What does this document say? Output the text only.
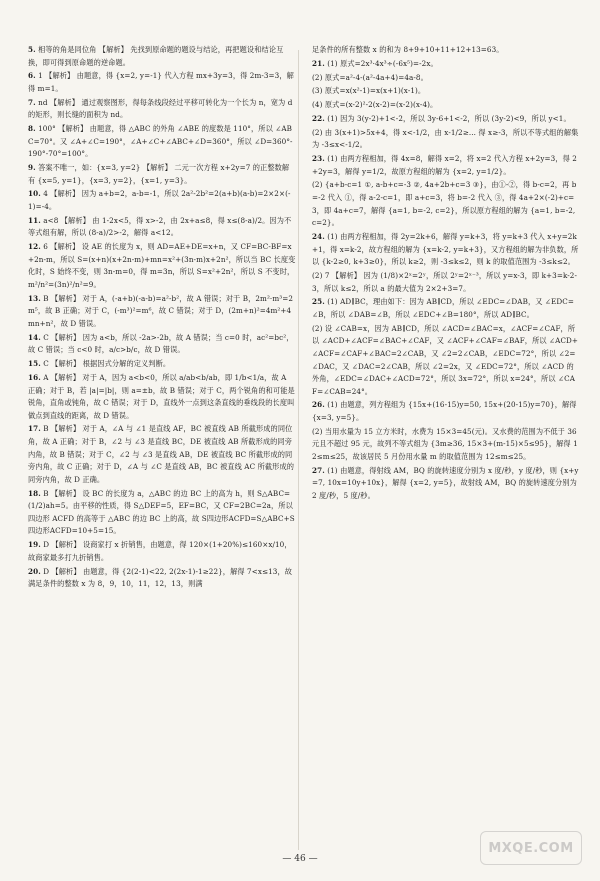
5. 相等的角是同位角 【解析】 先找到原命题的题设与结论，再把题设和结论互换，即可得到原命题的逆命题。

6. 1 【解析】 由题意，得 {x=2, y=-1} 代入方程 mx+3y=3，得 2m-3=3，解得 m=1。

7. nd 【解析】 通过观察图形，得每条线段经过平移可转化为一个长为 n，宽为 d 的矩形，则长缝的面积为 nd。

8. 100° 【解析】 由题意，得 △ABC 的外角 ∠ABE 的度数是 110°，所以 ∠ABC=70°。又 ∠A+∠C=190°，∠A+∠C+∠ABC+∠D=360°，所以 ∠D=360°-190°-70°=100°。

9. 答案不唯一，如：{x=3, y=2} 【解析】 二元一次方程 x+2y=7 的正整数解有 {x=5, y=1}，{x=3, y=2}，{x=1, y=3}。

10. 4 【解析】 因为 a+b=2，a-b=-1，所以 2a²-2b²=2(a+b)(a-b)=2×2×(-1)=-4。

11. a<8 【解析】 由 1-2x<5，得 x>-2，由 2x+a≤8，得 x≤(8-a)/2。因为不等式组有解，所以 (8-a)/2>-2，解得 a<12。

12. 6 【解析】 设 AE 的长度为 x，则 AD=AE+DE=x+n，又 CF=BC-BF=x+2n-m，所以 S=(x+n)(x+2n-m)+mn=x²+(3n-m)x+2n²，所以当 BC 长度变化时，S 始终不变，则 3n-m=0，得 m=3n，所以 S=x²+2n²，所以 S 不变时，m²/n²=(3n)²/n²=9。

13. B 【解析】 对于 A，(-a+b)(-a-b)=a²-b²，故 A 错误；对于 B，2m²·m³=2m⁵，故 B 正确；对于 C，(-m³)²=m⁶，故 C 错误；对于 D，(2m+n)²=4m²+4mn+n²，故 D 错误。

14. C 【解析】 因为 a<b，所以 -2a>-2b，故 A 错误；当 c=0 时，ac²=bc²，故 C 错误；当 c<0 时，a/c>b/c，故 D 错误。

15. C 【解析】 根据因式分解的定义判断。

16. A 【解析】 对于 A，因为 a<b<0，所以 a/ab<b/ab，即 1/b<1/a，故 A 正确；对于 B，若 |a|=|b|，则 a=±b，故 B 错误；对于 C，两个锐角的和可能是锐角，直角或钝角，故 C 错误；对于 D，直线外一点到这条直线的垂线段的长度叫做点到直线的距离，故 D 错误。

17. B 【解析】 对于 A，∠A 与 ∠1 是直线 AF，BC 被直线 AB 所截形成的同位角，故 A 正确；对于 B，∠2 与 ∠3 是直线 BC，DE 被直线 AB 所截形成的同旁内角，故 B 错误；对于 C，∠2 与 ∠3 是直线 AB，DE 被直线 BC 所截形成的同旁内角，故 C 正确；对于 D，∠A 与 ∠C 是直线 AB，BC 被直线 AC 所截形成的同旁内角，故 D 正确。

18. B 【解析】 设 BC 的长度为 a，△ABC 的边 BC 上的高为 h，则 S△ABC=(1/2)ah=5。由平移的性质，得 S△DEF=5，EF=BC，又 CF=2BC=2a，所以四边形 ACFD 的高等于 △ABC 的边 BC 上的高，故 S四边形ACFD=S△ABC+S四边形ACFD=10+5=15。

19. D 【解析】 设商家打 x 折销售，由题意，得 120×(1+20%)≤160×x/10，故商家最多打九折销售。

20. D 【解析】 由题意，得 {2(2-1)<22, 2(2x-1)-1≥22}，解得 7<x≤13，故满足条件的整数 x 为 8，9，10，11，12，13，则满

足条件的所有整数 x 的和为 8+9+10+11+12+13=63。

21. (1) 原式=2x³·4x³÷(-6x⁵)=-2x。

(2) 原式=a²-4-(a²-4a+4)=4a-8。

(3) 原式=x(x²-1)=x(x+1)(x-1)。

(4) 原式=(x-2)²-2(x-2)=(x-2)(x-4)。

22. (1) 因为 3(y-2)+1<-2，所以 3y-6+1<-2，所以 (3y-2)<9，所以 y<1。

(2) 由 3(x+1)>5x+4，得 x<-1/2，由 x-1/2≥... 得 x≥-3，所以不等式组的解集为 -3≤x<-1/2。

23. (1) 由两方程相加，得 4x=8，解得 x=2，将 x=2 代入方程 x+2y=3，得 2+2y=3，解得 y=1/2，故原方程组的解为 {x=2, y=1/2}。

(2) {a+b-c=1 ①, a-b+c=-3 ②, 4a+2b+c=3 ③}，由①-②，得 b-c=2，再 b=-2 代入 ①，得 a-2-c=1，即 a+c=3，将 b=-2 代入 ③，得 4a+2×(-2)+c=3，即 4a+c=7，解得 {a=1, b=-2, c=2}，所以原方程组的解为 {a=1, b=-2, c=2}。

24. (1) 由两方程相加，得 2y=2k+6，解得 y=k+3，将 y=k+3 代入 x+y=2k+1，得 x=k-2，故方程组的解为 {x=k-2, y=k+3}，又方程组的解为非负数，所以 {k-2≥0, k+3≥0}，所以 k≥2，则 -3≤k≤2，则 k 的取值范围为 -3≤k≤2。

(2) 7 【解析】 因为 (1/8)×2ˣ=2ʸ，所以 2ʸ=2ˣ⁻³，所以 y=x-3，即 k+3=k-2-3，所以 k≤2，所以 a 的最大值为 2×2+3=7。

25. (1) AD∥BC，理由如下：因为 AB∥CD，所以 ∠EDC=∠DAB，又 ∠EDC=∠B，所以 ∠DAB=∠B，所以 ∠EDC+∠B=180°，所以 AD∥BC。

(2) 设 ∠CAB=x，因为 AB∥CD，所以 ∠ACD=∠BAC=x，∠ACF=∠CAF，所以 ∠ACD+∠ACF=∠BAC+∠CAF，又 ∠ACF+∠CAF=∠BAF，所以 ∠ACD+∠ACF=∠CAF+∠BAC=2∠CAB，又 ∠2=2∠CAB，∠EDC=72°，所以 ∠2=∠DAC，又 ∠DAC=2∠CAB，所以 ∠2=2x，又 ∠EDC=72°，所以 ∠ACD 的外角，∠EDC=∠DAC+∠ACD=72°，所以 3x=72°，所以 x=24°，所以 ∠CAF=∠CAB=24°。

26. (1) 由题意，列方程组为 {15x+(16-15)y=50, 15x+(20-15)y=70}，解得 {x=3, y=5}。

(2) 当用水量为 15 立方米时，水费为 15×3=45(元)。又水费的范围为不低于 36 元且不超过 95 元，故列不等式组为 {3m≥36, 15×3+(m-15)×5≤95}，解得 12≤m≤25，故该居民 5 月份用水量 m 的取值范围为 12≤m≤25。

27. (1) 由题意，得射线 AM，BQ 的旋转速度分别为 x 度/秒，y 度/秒，则 {x+y=7, 10x=10y+10x}，解得 {x=2, y=5}，故射线 AM，BQ 的旋转速度分别为 2 度/秒，5 度/秒。

— 46 —
MXQE.COM
